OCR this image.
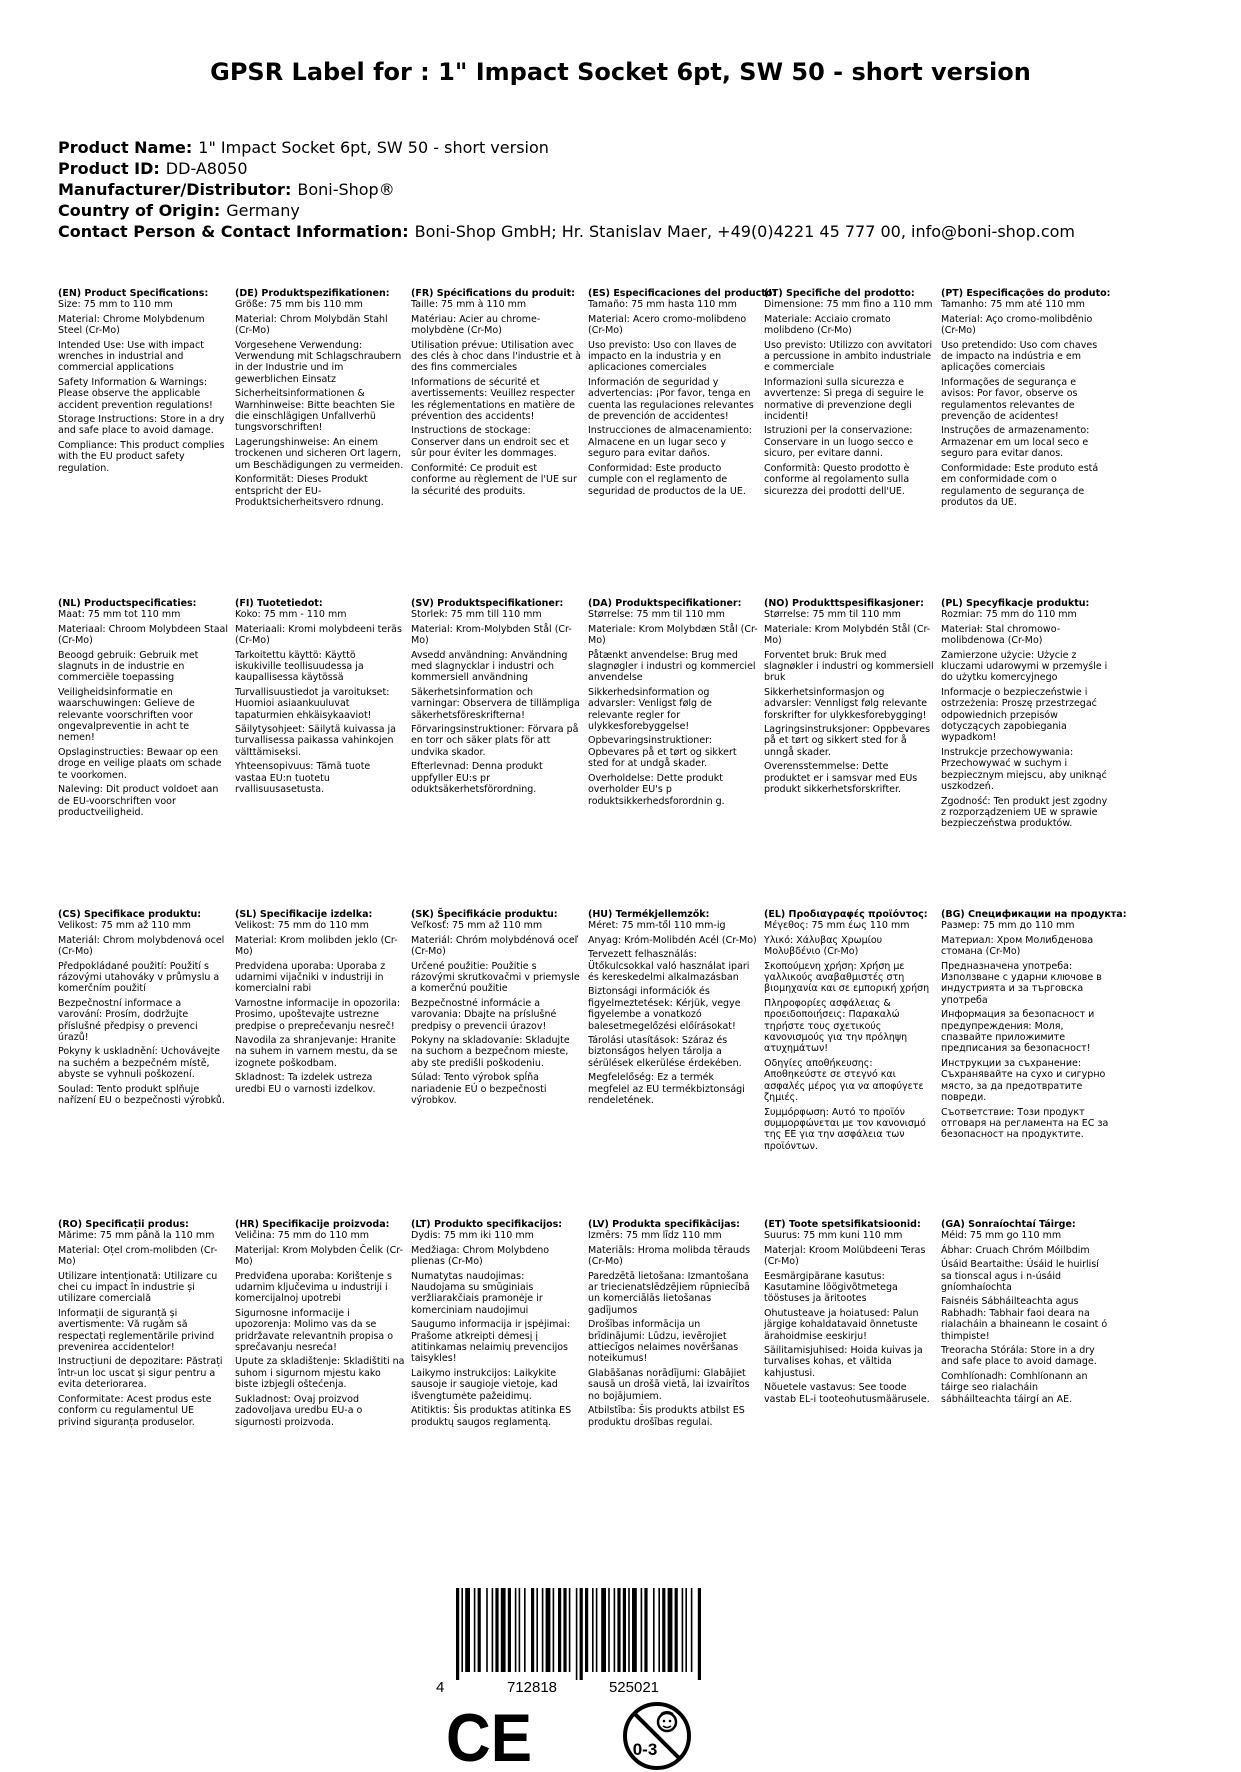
GPSR Label for : 1" Impact Socket 6pt, SW 50 - short version
Product Name: 1" Impact Socket 6pt, SW 50 - short version
Product ID: DD-A8050
Manufacturer/Distributor: Boni-Shop®
Country of Origin: Germany
Contact Person & Contact Information: Boni-Shop GmbH; Hr. Stanislav Maer, +49(0)4221 45 777 00, info@boni-shop.com
(EN) Product Specifications:
Size: 75 mm to 110 mm
Material: Chrome Molybdenum Steel (Cr-Mo)
Intended Use: Use with impact wrenches in industrial and commercial applications
Safety Information & Warnings: Please observe the applicable accident prevention regulations!
Storage Instructions: Store in a dry and safe place to avoid damage.
Compliance: This product complies with the EU product safety regulation.
(DE) Produktspezifikationen:
Größe: 75 mm bis 110 mm
Material: Chrom Molybdän Stahl (Cr-Mo)
Vorgesehene Verwendung: Verwendung mit Schlagschraubern in der Industrie und im gewerblichen Einsatz
Sicherheitsinformationen & Warnhinweise: Bitte beachten Sie die einschlägigen Unfallverhü tungsvorschriften!
Lagerungshinweise: An einem trockenen und sicheren Ort lagern, um Beschädigungen zu vermeiden.
Konformität: Dieses Produkt entspricht der EU-Produktsicherheitsvero rdnung.
(FR) Spécifications du produit:
Taille: 75 mm à 110 mm
Matériau: Acier au chrome-molybdène (Cr-Mo)
Utilisation prévue: Utilisation avec des clés à choc dans l'industrie et à des fins commerciales
Informations de sécurité et avertissements: Veuillez respecter les réglementations en matière de prévention des accidents!
Instructions de stockage: Conserver dans un endroit sec et sûr pour éviter les dommages.
Conformité: Ce produit est conforme au règlement de l'UE sur la sécurité des produits.
(ES) Especificaciones del producto:
Tamaño: 75 mm hasta 110 mm
Material: Acero cromo-molibdeno (Cr-Mo)
Uso previsto: Uso con llaves de impacto en la industria y en aplicaciones comerciales
Información de seguridad y advertencias: ¡Por favor, tenga en cuenta las regulaciones relevantes de prevención de accidentes!
Instrucciones de almacenamiento: Almacene en un lugar seco y seguro para evitar daños.
Conformidad: Este producto cumple con el reglamento de seguridad de productos de la UE.
(IT) Specifiche del prodotto:
Dimensione: 75 mm fino a 110 mm
Materiale: Acciaio cromato molibdeno (Cr-Mo)
Uso previsto: Utilizzo con avvitatori a percussione in ambito industriale e commerciale
Informazioni sulla sicurezza e avvertenze: Si prega di seguire le normative di prevenzione degli incidenti!
Istruzioni per la conservazione: Conservare in un luogo secco e sicuro, per evitare danni.
Conformità: Questo prodotto è conforme al regolamento sulla sicurezza dei prodotti dell'UE.
(PT) Especificações do produto:
Tamanho: 75 mm até 110 mm
Material: Aço cromo-molibdênio (Cr-Mo)
Uso pretendido: Uso com chaves de impacto na indústria e em aplicações comerciais
Informações de segurança e avisos: Por favor, observe os regulamentos relevantes de prevenção de acidentes!
Instruções de armazenamento: Armazenar em um local seco e seguro para evitar danos.
Conformidade: Este produto está em conformidade com o regulamento de segurança de produtos da UE.
(NL) Productspecificaties:
Maat: 75 mm tot 110 mm
Materiaal: Chroom Molybdeen Staal (Cr-Mo)
Beoogd gebruik: Gebruik met slagnuts in de industrie en commerciële toepassing
Veiligheidsinformatie en waarschuwingen: Gelieve de relevante voorschriften voor ongevalpreventie in acht te nemen!
Opslaginstructies: Bewaar op een droge en veilige plaats om schade te voorkomen.
Naleving: Dit product voldoet aan de EU-voorschriften voor productveiligheid.
(FI) Tuotetiedot:
Koko: 75 mm - 110 mm
Materiaali: Kromi molybdeeni teräs (Cr-Mo)
Tarkoitettu käyttö: Käyttö iskukiville teollisuudessa ja kaupallisessa käytössä
Turvallisuustiedot ja varoitukset: Huomioi asiaankuuluvat tapaturmien ehkäisykaaviot!
Säilytysohjeet: Säilytä kuivassa ja turvallisessa paikassa vahinkojen välttämiseksi.
Yhteensopivuus: Tämä tuote vastaa EU:n tuotetu rvallisuusasetusta.
(SV) Produktspecifikationer:
Storlek: 75 mm till 110 mm
Material: Krom-Molybden Stål (Cr-Mo)
Avsedd användning: Användning med slagnycklar i industri och kommersiell användning
Säkerhetsinformation och varningar: Observera de tillämpliga säkerhetsföreskrifterna!
Förvaringsinstruktioner: Förvara på en torr och säker plats för att undvika skador.
Efterlevnad: Denna produkt uppfyller EU:s pr oduktsäkerhetsförordning.
(DA) Produktspecifikationer:
Størrelse: 75 mm til 110 mm
Materiale: Krom Molybdæn Stål (Cr-Mo)
Påtænkt anvendelse: Brug med slagnøgler i industri og kommerciel anvendelse
Sikkerhedsinformation og advarsler: Venligst følg de relevante regler for ulykkesforebyggelse!
Opbevaringsinstruktioner: Opbevares på et tørt og sikkert sted for at undgå skader.
Overholdelse: Dette produkt overholder EU's p roduktsikkerhedsforordnin g.
(NO) Produkttspesifikasjoner:
Størrelse: 75 mm til 110 mm
Materiale: Krom Molybdén Stål (Cr-Mo)
Forventet bruk: Bruk med slagnøkler i industri og kommersiell bruk
Sikkerhetsinformasjon og advarsler: Vennligst følg relevante forskrifter for ulykkesforebygging!
Lagringsinstruksjoner: Oppbevares på et tørt og sikkert sted for å unngå skader.
Overensstemmelse: Dette produktet er i samsvar med EUs produkt sikkerhetsforskrifter.
(PL) Specyfikacje produktu:
Rozmiar: 75 mm do 110 mm
Materiał: Stal chromowo-molibdenowa (Cr-Mo)
Zamierzone użycie: Użycie z kluczami udarowymi w przemyśle i do użytku komercyjnego
Informacje o bezpieczeństwie i ostrzeżenia: Proszę przestrzegać odpowiednich przepisów dotyczących zapobiegania wypadkom!
Instrukcje przechowywania: Przechowywać w suchym i bezpiecznym miejscu, aby uniknąć uszkodzeń.
Zgodność: Ten produkt jest zgodny z rozporządzeniem UE w sprawie bezpieczeństwa produktów.
(CS) Specifikace produktu:
Velikost: 75 mm až 110 mm
Materiál: Chrom molybdenová ocel (Cr-Mo)
Předpokládané použití: Použití s rázovými utahováky v průmyslu a komerčním použití
Bezpečnostní informace a varování: Prosím, dodržujte příslušné předpisy o prevenci úrazů!
Pokyny k uskladnění: Uchovávejte na suchém a bezpečném místě, abyste se vyhnuli poškození.
Soulad: Tento produkt splňuje nařízení EU o bezpečnosti výrobků.
(SL) Specifikacije izdelka:
Velikost: 75 mm do 110 mm
Material: Krom molibden jeklo (Cr-Mo)
Predvidena uporaba: Uporaba z udarnimi vijačniki v industriji in komercialni rabi
Varnostne informacije in opozorila: Prosimo, upoštevajte ustrezne predpise o preprečevanju nesreč!
Navodila za shranjevanje: Hranite na suhem in varnem mestu, da se izognete poškodbam.
Skladnost: Ta izdelek ustreza uredbi EU o varnosti izdelkov.
(SK) Špecifikácie produktu:
Veľkosť: 75 mm až 110 mm
Materiál: Chróm molybdénová oceľ (Cr-Mo)
Určené použitie: Použitie s rázovými skrutkovačmi v priemysle a komerčnú použitie
Bezpečnostné informácie a varovania: Dbajte na príslušné predpisy o prevencii úrazov!
Pokyny na skladovanie: Skladujte na suchom a bezpečnom mieste, aby ste predišli poškodeniu.
Súlad: Tento výrobok spĺňa nariadenie EÚ o bezpečnosti výrobkov.
(HU) Termékjellemzők:
Méret: 75 mm-től 110 mm-ig
Anyag: Króm-Molibdén Acél (Cr-Mo)
Tervezett felhasználás: Ütőkulcsokkal való használat ipari és kereskedelmi alkalmazásban
Biztonsági információk és figyelmeztetések: Kérjük, vegye figyelembe a vonatkozó balesetmegelőzési előírásokat!
Tárolási utasítások: Száraz és biztonságos helyen tárolja a sérülések elkerülése érdekében.
Megfelelőség: Ez a termék megfelel az EU termékbiztonsági rendeletének.
(EL) Προδιαγραφές προϊόντος:
Μέγεθος: 75 mm έως 110 mm
Υλικό: Χάλυβας Χρωμίου Μολυβδένιο (Cr-Mo)
Σκοπούμενη χρήση: Χρήση με γαλλικούς αναβαθμιστές στη βιομηχανία και σε εμπορική χρήση
Πληροφορίες ασφάλειας & προειδοποιήσεις: Παρακαλώ τηρήστε τους σχετικούς κανονισμούς για την πρόληψη ατυχημάτων!
Οδηγίες αποθήκευσης: Αποθηκεύστε σε στεγνό και ασφαλές μέρος για να αποφύγετε ζημιές.
Συμμόρφωση: Αυτό το προϊόν συμμορφώνεται με τον κανονισμό της ΕΕ για την ασφάλεια των προϊόντων.
(BG) Спецификации на продукта:
Размер: 75 mm до 110 mm
Материал: Хром Молибденова стомана (Cr-Mo)
Предназначена употреба: Използване с ударни ключове в индустрията и за търговска употреба
Информация за безопасност и предупреждения: Моля, спазвайте приложимите предписания за безопасност!
Инструкции за съхранение: Съхранявайте на сухо и сигурно място, за да предотвратите повреди.
Съответствие: Този продукт отговаря на регламента на ЕС за безопасност на продуктите.
(RO) Specificații produs:
Mărime: 75 mm până la 110 mm
Material: Oțel crom-molibden (Cr-Mo)
Utilizare intenționată: Utilizare cu chei cu impact în industrie și utilizare comercială
Informații de siguranță și avertismente: Vă rugăm să respectați reglementările privind prevenirea accidentelor!
Instrucțiuni de depozitare: Păstrați într-un loc uscat și sigur pentru a evita deteriorarea.
Conformitate: Acest produs este conform cu regulamentul UE privind siguranța produselor.
(HR) Specifikacije proizvoda:
Veličina: 75 mm do 110 mm
Materijal: Krom Molybden Čelik (Cr-Mo)
Predviđena uporaba: Korištenje s udarnim ključevima u industriji i komercijalnoj upotrebi
Sigurnosne informacije i upozorenja: Molimo vas da se pridržavate relevantnih propisa o sprečavanju nesreća!
Upute za skladištenje: Skladištiti na suhom i sigurnom mjestu kako biste izbjegli oštećenja.
Sukladnost: Ovaj proizvod zadovoljava uredbu EU-a o sigurnosti proizvoda.
(LT) Produkto specifikacijos:
Dydis: 75 mm iki 110 mm
Medžiaga: Chrom Molybdeno plienas (Cr-Mo)
Numatytas naudojimas: Naudojama su smūginiais veržliarakčiais pramonėje ir komerciniam naudojimui
Saugumo informacija ir įspėjimai: Prašome atkreipti dėmesį į atitinkamas nelaimių prevencijos taisykles!
Laikymo instrukcijos: Laikykite sausoje ir saugioje vietoje, kad išvengtumėte pažeidimų.
Atitiktis: Šis produktas atitinka ES produktų saugos reglamentą.
(LV) Produkta specifikācijas:
Izmērs: 75 mm līdz 110 mm
Materiāls: Hroma molibda tērauds (Cr-Mo)
Paredzētā lietošana: Izmantošana ar triecienatslēdzējiem rūpniecībā un komerciālās lietošanas gadījumos
Drošības informācija un brīdinājumi: Lūdzu, ievērojiet attiecīgos nelaimes novēršanas noteikumus!
Glabāšanas norādījumi: Glabājiet sausā un drošā vietā, lai izvairītos no bojājumiem.
Atbilstība: Šis produkts atbilst ES produktu drošības regulai.
(ET) Toote spetsifikatsioonid:
Suurus: 75 mm kuni 110 mm
Materjal: Kroom Molübdeeni Teras (Cr-Mo)
Eesmärgipärane kasutus: Kasutamine löögivõtmetega tööstuses ja äritootes
Ohutusteave ja hoiatused: Palun järgige kohaldatavaid õnnetuste ärahoidmise eeskirju!
Säilitamisjuhised: Hoida kuivas ja turvalises kohas, et vältida kahjustusi.
Nõuetele vastavus: See toode vastab EL-i tooteohutusmäärusele.
(GA) Sonraíochtaí Táirge:
Méid: 75 mm go 110 mm
Ábhar: Cruach Chróm Móilbdim
Úsáid Beartaithe: Úsáid le huirlisí sa tionscal agus i n-úsáid gníomhaíochta
Faisnéis Sábháilteachta agus Rabhadh: Tabhair faoi deara na rialacháin a bhaineann le cosaint ó thimpiste!
Treoracha Stórála: Store in a dry and safe place to avoid damage.
Comhlíonadh: Comhlíonann an táirge seo rialacháin sábháilteachta táirgí an AE.
4	712818	525021
CE	0-3
